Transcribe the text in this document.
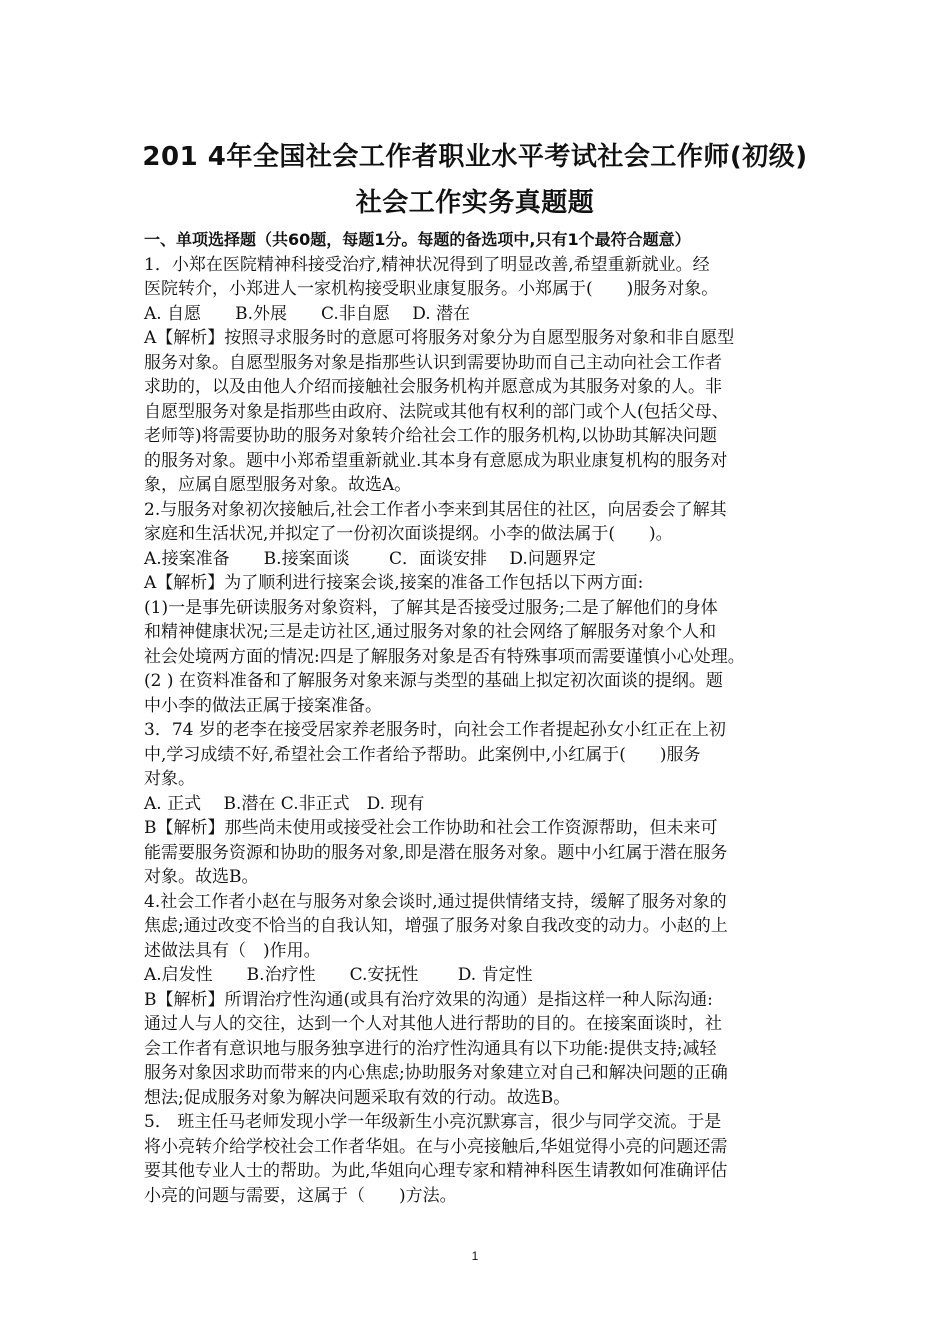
201 4年全国社会工作者职业水平考试社会工作师(初级)
社会工作实务真题题
一、单项选择题（共60题，每题1分。每题的备选项中,只有1个最符合题意）
1．小郑在医院精神科接受治疗,精神状况得到了明显改善,希望重新就业。经
医院转介，小郑进人一家机构接受职业康复服务。小郑属于(　　)服务对象。
A. 自愿　　B.外展　　C.非自愿　 D. 潜在
A【解析】按照寻求服务时的意愿可将服务对象分为自愿型服务对象和非自愿型
服务对象。自愿型服务对象是指那些认识到需要协助而自己主动向社会工作者
求助的，以及由他人介绍而接触社会服务机构并愿意成为其服务对象的人。非
自愿型服务对象是指那些由政府、法院或其他有权利的部门或个人(包括父母、
老师等)将需要协助的服务对象转介给社会工作的服务机构,以协助其解决问题
的服务对象。题中小郑希望重新就业.其本身有意愿成为职业康复机构的服务对
象，应属自愿型服务对象。故选A。
2.与服务对象初次接触后,社会工作者小李来到其居住的社区，向居委会了解其
家庭和生活状况,并拟定了一份初次面谈提纲。小李的做法属于(　　)。
A.接案准备　　B.接案面谈　　 C．面谈安排　 D.问题界定
A【解析】为了顺利进行接案会谈,接案的准备工作包括以下两方面:
(1)一是事先研读服务对象资料，了解其是否接受过服务;二是了解他们的身体
和精神健康状况;三是走访社区,通过服务对象的社会网络了解服务对象个人和
社会处境两方面的情况:四是了解服务对象是否有特殊事项而需要谨慎小心处理。
(2 ) 在资料准备和了解服务对象来源与类型的基础上拟定初次面谈的提纲。题
中小李的做法正属于接案准备。
3．74 岁的老李在接受居家养老服务时，向社会工作者提起孙女小红正在上初
中,学习成绩不好,希望社会工作者给予帮助。此案例中,小红属于(　　)服务
对象。
A. 正式　 B.潜在 C.非正式　D. 现有
B【解析】那些尚未使用或接受社会工作协助和社会工作资源帮助，但未来可
能需要服务资源和协助的服务对象,即是潜在服务对象。题中小红属于潜在服务
对象。故选B。
4.社会工作者小赵在与服务对象会谈时,通过提供情绪支持，缓解了服务对象的
焦虑;通过改变不恰当的自我认知，增强了服务对象自我改变的动力。小赵的上
述做法具有（　)作用。
A.启发性　　B.治疗性　　C.安抚性　　 D. 肯定性
B【解析】所谓治疗性沟通(或具有治疗效果的沟通）是指这样一种人际沟通:
通过人与人的交往，达到一个人对其他人进行帮助的目的。在接案面谈时，社
会工作者有意识地与服务独享进行的治疗性沟通具有以下功能:提供支持;减轻
服务对象因求助而带来的内心焦虑;协助服务对象建立对自己和解决问题的正确
想法;促成服务对象为解决问题采取有效的行动。故选B。
5． 班主任马老师发现小学一年级新生小亮沉默寡言，很少与同学交流。于是
将小亮转介给学校社会工作者华姐。在与小亮接触后,华姐觉得小亮的问题还需
要其他专业人士的帮助。为此,华姐向心理专家和精神科医生请教如何准确评估
小亮的问题与需要，这属于（　　)方法。
1
